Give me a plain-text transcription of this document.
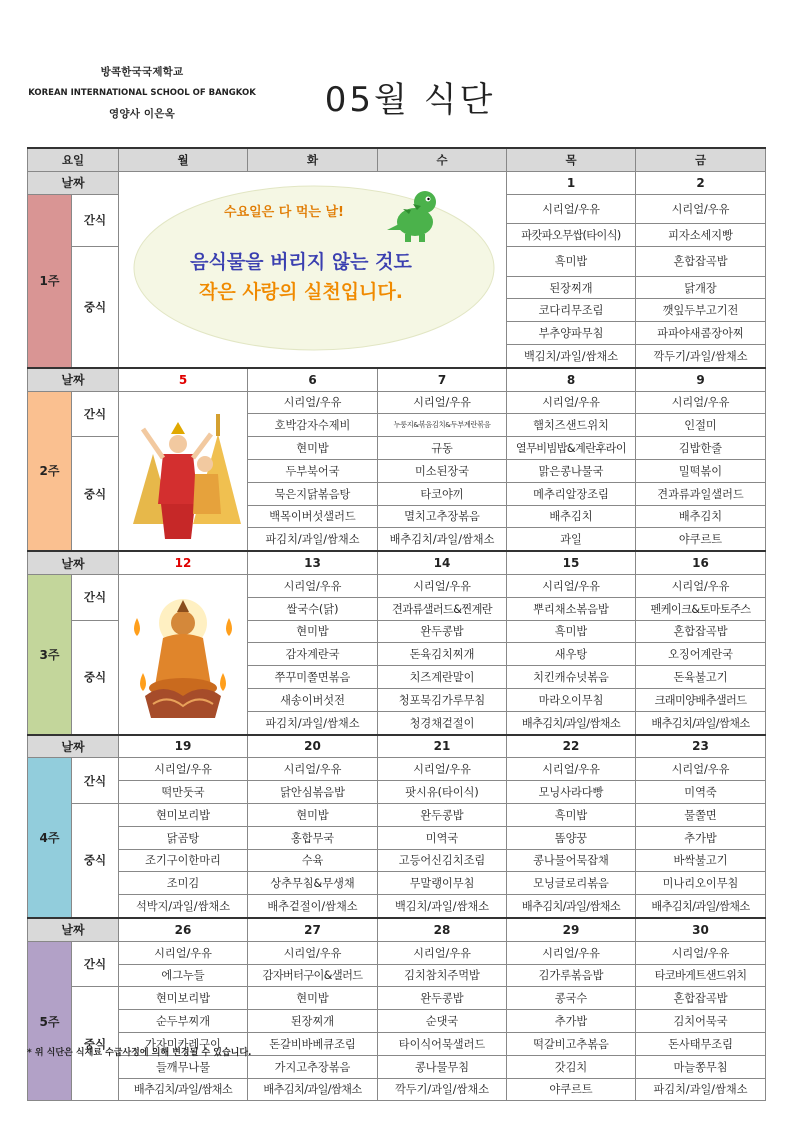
방콕한국국제학교
KOREAN INTERNATIONAL SCHOOL OF BANGKOK
영양사 이은옥	05월 식단
요일		월	화	수	목	금
날짜		수요일은 다 먹는 날!
음식물을 버리지 않는 것도
작은 사랑의 실천입니다.			1	2
1주	간식				시리얼/우유	시리얼/우유
					파캇파오무쌉(타이식)	피자소세지빵
	중식				흑미밥	혼합잡곡밥
					된장찌개	닭개장
					코다리무조림	깻잎두부고기전
					부추양파무침	파파야새콤장아찌
					백김치/과일/쌈채소	깍두기/과일/쌈채소
날짜		5	6	7	8	9
2주	간식		시리얼/우유	시리얼/우유	시리얼/우유	시리얼/우유
			호박감자수제비	누룽지&볶음김치&두부계란볶음	햄치즈샌드위치	인절미
	중식		현미밥	규동	열무비빔밥&계란후라이	김밥한줄
			두부북어국	미소된장국	맑은콩나물국	밀떡볶이
			묵은지닭볶음탕	타코야끼	메추리알장조림	견과류과일샐러드
			백목이버섯샐러드	멸치고추장볶음	배추김치	배추김치
			파김치/과일/쌈채소	배추김치/과일/쌈채소	과일	야쿠르트
날짜		12	13	14	15	16
3주	간식		시리얼/우유	시리얼/우유	시리얼/우유	시리얼/우유
			쌀국수(닭)	견과류샐러드&찐계란	뿌리채소볶음밥	펜케이크&토마토주스
	중식		현미밥	완두콩밥	흑미밥	혼합잡곡밥
			감자계란국	돈육김치찌개	새우탕	오징어계란국
			쭈꾸미쫄면볶음	치즈계란말이	치킨캐슈넛볶음	돈육불고기
			새송이버섯전	청포묵김가루무침	마라오이무침	크래미양배추샐러드
			파김치/과일/쌈채소	청경채겉절이	배추김치/과일/쌈채소	배추김치/과일/쌈채소
날짜		19	20	21	22	23
4주	간식	시리얼/우유	시리얼/우유	시리얼/우유	시리얼/우유	시리얼/우유
		떡만둣국	닭안심볶음밥	팟시유(타이식)	모닝사라다빵	미역죽
	중식	현미보리밥	현미밥	완두콩밥	흑미밥	물쫄면
		닭곰탕	홍합무국	미역국	똠양꿍	추가밥
		조기구이한마리	수육	고등어신김치조림	콩나물어묵잡채	바싹불고기
		조미김	상추무침&무생채	무말랭이무침	모닝글로리볶음	미나리오이무침
		석박지/과일/쌈채소	배추겉절이/쌈채소	백김치/과일/쌈채소	배추김치/과일/쌈채소	배추김치/과일/쌈채소
날짜		26	27	28	29	30
5주	간식	시리얼/우유	시리얼/우유	시리얼/우유	시리얼/우유	시리얼/우유
		에그누들	감자버터구이&샐러드	김치참치주먹밥	김가루볶음밥	타코바게트샌드위치
	중식	현미보리밥	현미밥	완두콩밥	콩국수	혼합잡곡밥
		순두부찌개	된장찌개	순댓국	추가밥	김치어묵국
		가자미카레구이	돈갈비바베큐조림	타이식어묵샐러드	떡갈비고추볶음	돈사태무조림
		들깨무나물	가지고추장볶음	콩나물무침	갓김치	마늘쫑무침
		배추김치/과일/쌈채소	배추김치/과일/쌈채소	깍두기/과일/쌈채소	야쿠르트	파김치/과일/쌈채소
* 위 식단은 식재료 수급사정에 의해 변경될 수 있습니다.
